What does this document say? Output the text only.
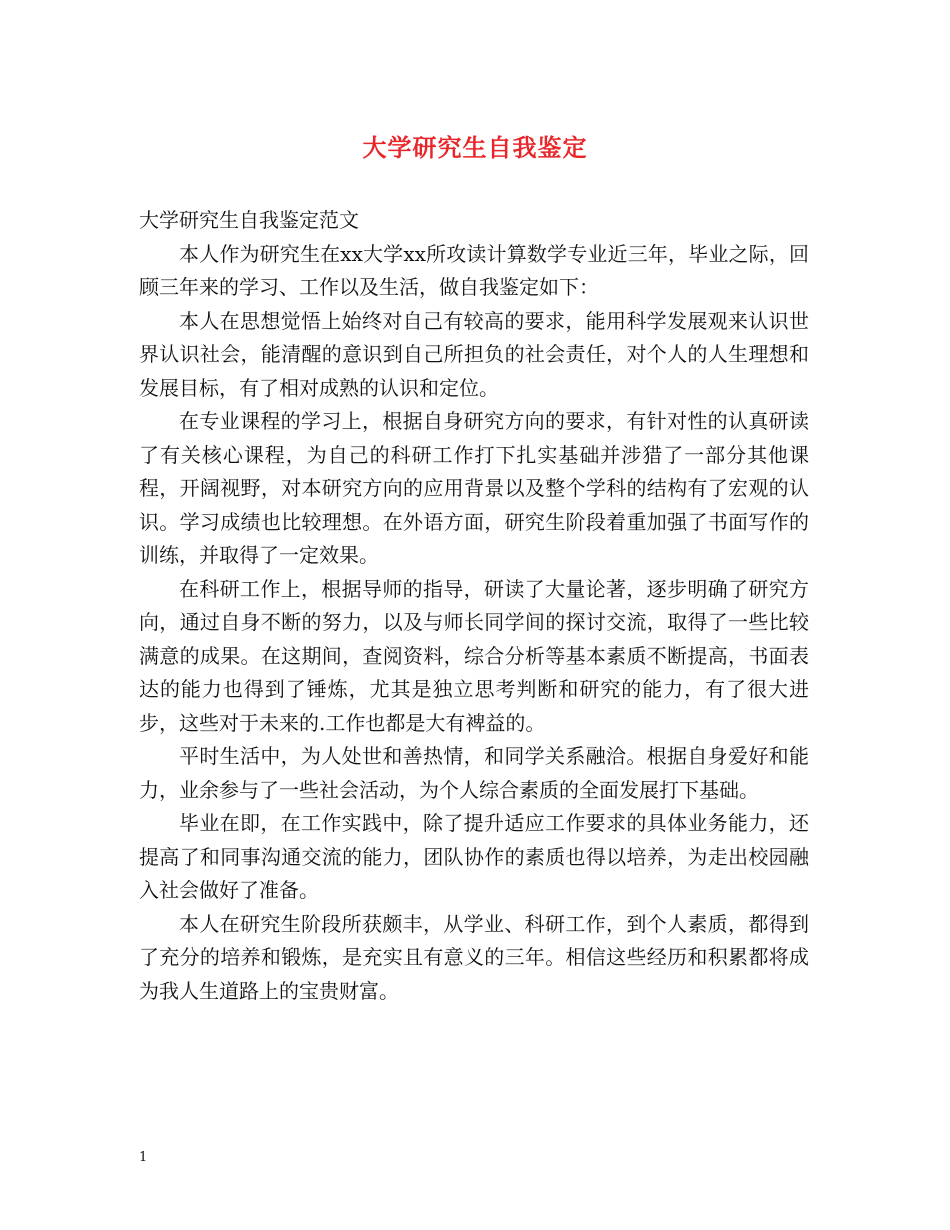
大学研究生自我鉴定

大学研究生自我鉴定范文

本人作为研究生在xx大学xx所攻读计算数学专业近三年，毕业之际，回顾三年来的学习、工作以及生活，做自我鉴定如下：

本人在思想觉悟上始终对自己有较高的要求，能用科学发展观来认识世界认识社会，能清醒的意识到自己所担负的社会责任，对个人的人生理想和发展目标，有了相对成熟的认识和定位。

在专业课程的学习上，根据自身研究方向的要求，有针对性的认真研读了有关核心课程，为自己的科研工作打下扎实基础并涉猎了一部分其他课程，开阔视野，对本研究方向的应用背景以及整个学科的结构有了宏观的认识。学习成绩也比较理想。在外语方面，研究生阶段着重加强了书面写作的训练，并取得了一定效果。

在科研工作上，根据导师的指导，研读了大量论著，逐步明确了研究方向，通过自身不断的努力，以及与师长同学间的探讨交流，取得了一些比较满意的成果。在这期间，查阅资料，综合分析等基本素质不断提高，书面表达的能力也得到了锤炼，尤其是独立思考判断和研究的能力，有了很大进步，这些对于未来的.工作也都是大有裨益的。

平时生活中，为人处世和善热情，和同学关系融洽。根据自身爱好和能力，业余参与了一些社会活动，为个人综合素质的全面发展打下基础。

毕业在即，在工作实践中，除了提升适应工作要求的具体业务能力，还提高了和同事沟通交流的能力，团队协作的素质也得以培养，为走出校园融入社会做好了准备。

本人在研究生阶段所获颇丰，从学业、科研工作，到个人素质，都得到了充分的培养和锻炼，是充实且有意义的三年。相信这些经历和积累都将成为我人生道路上的宝贵财富。

1
